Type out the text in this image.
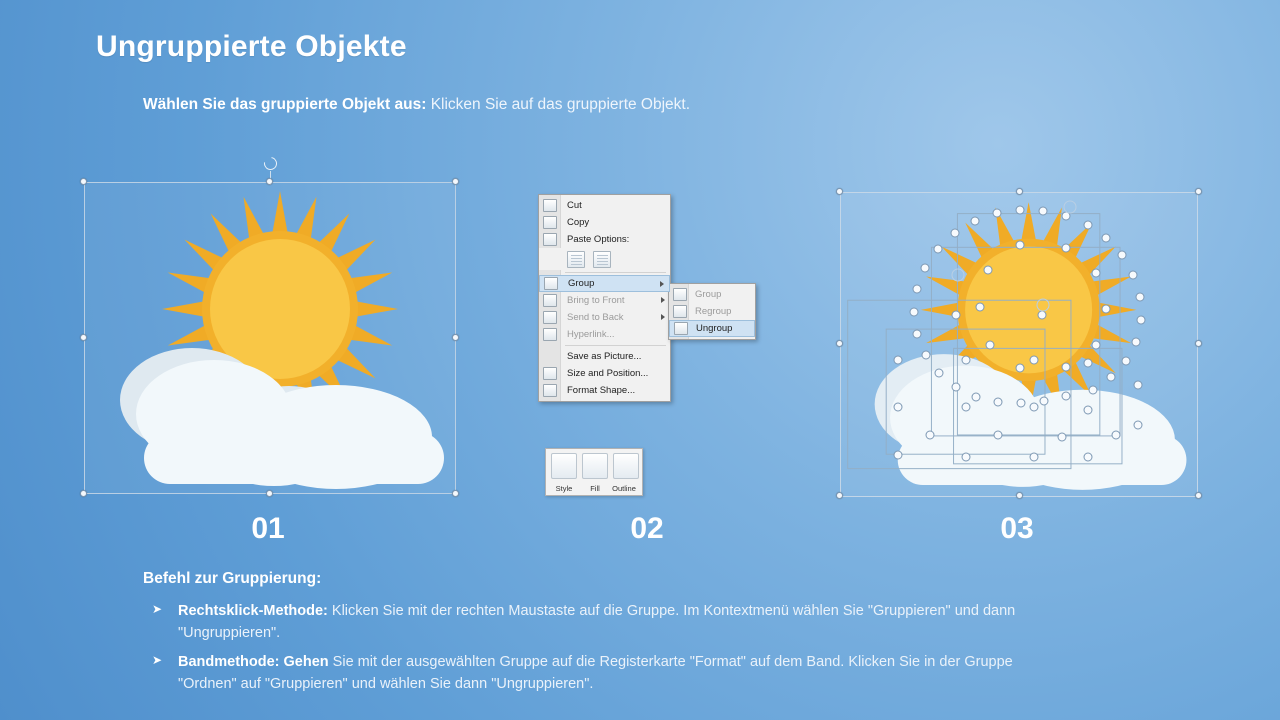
Ungruppierte Objekte
Wählen Sie das gruppierte Objekt aus: Klicken Sie auf das gruppierte Objekt.
01
Cut
Copy
Paste Options:

Group
Bring to Front
Send to Back
Hyperlink...
Save as Picture...
Size and Position...
Format Shape...
Group
Regroup
Ungroup
Style	Fill	Outline
02	03
Befehl zur Gruppierung:
➤ Rechtsklick-Methode: Klicken Sie mit der rechten Maustaste auf die Gruppe. Im Kontextmenü wählen Sie "Gruppieren" und dann "Ungruppieren".
➤ Bandmethode: Gehen Sie mit der ausgewählten Gruppe auf die Registerkarte "Format" auf dem Band. Klicken Sie in der Gruppe "Ordnen" auf "Gruppieren" und wählen Sie dann "Ungruppieren".
